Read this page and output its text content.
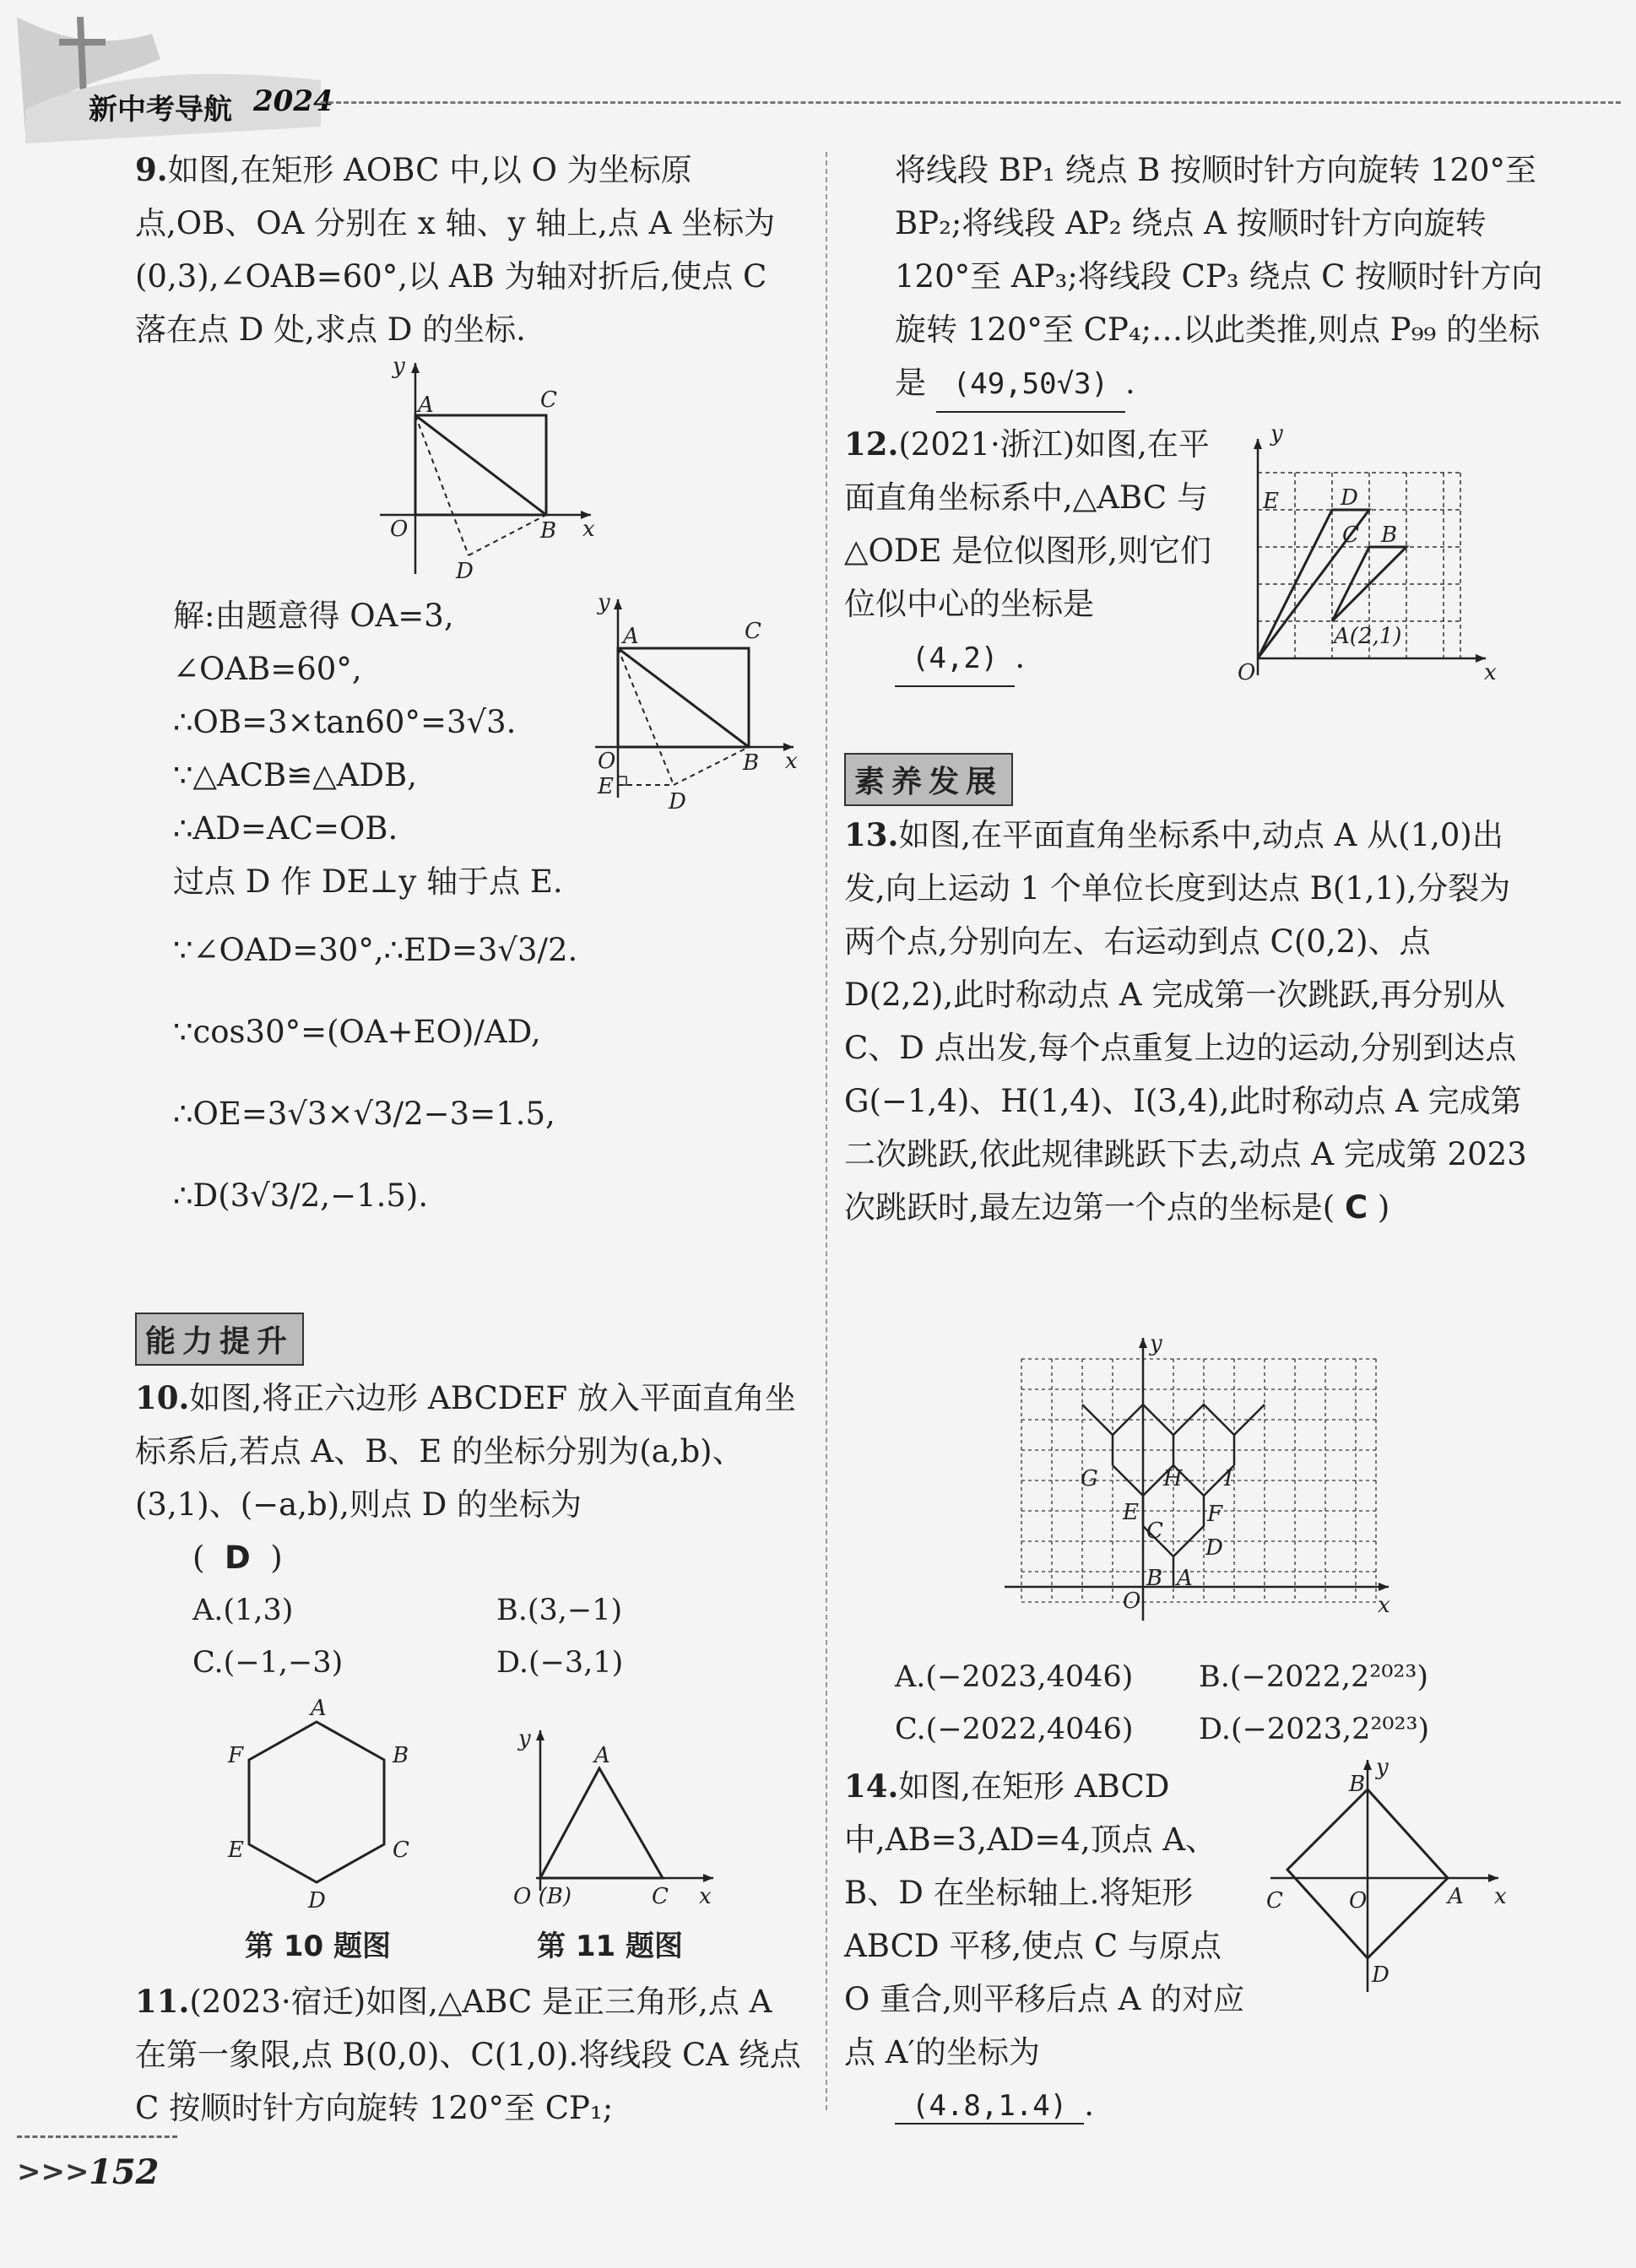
新中考导航 2024

9.如图,在矩形 AOBC 中,以 O 为坐标原点,OB、OA 分别在 x 轴、y 轴上,点 A 坐标为(0,3),∠OAB=60°,以 AB 为轴对折后,使点 C 落在点 D 处,求点 D 的坐标.

y
A	C
O	B x
D

解:由题意得 OA=3,

∠OAB=60°,

∴OB=3×tan60°=3√3.

∵△ACB≌△ADB,

∴AD=AC=OB.

过点 D 作 DE⊥y 轴于点 E.

∵∠OAD=30°,∴ED=3√3/2.

∵cos30°=(OA+EO)/AD,

∴OE=3√3×√3/2−3=1.5,

∴D(3√3/2,−1.5).

y
A	C
O	B x
E
D
能力提升

10.如图,将正六边形 ABCDEF 放入平面直角坐标系后,若点 A、B、E 的坐标分别为(a,b)、(3,1)、(−a,b),则点 D 的坐标为

(  D  )

A.(1,3)	B.(3,−1)
C.(−1,−3)	D.(−3,1)
A
B
C
D
E
F
第 10 题图
y
A
O (B)	C x
第 11 题图

11.(2023·宿迁)如图,△ABC 是正三角形,点 A 在第一象限,点 B(0,0)、C(1,0).将线段 CA 绕点 C 按顺时针方向旋转 120°至 CP₁;

将线段 BP₁ 绕点 B 按顺时针方向旋转 120°至 BP₂;将线段 AP₂ 绕点 A 按顺时针方向旋转 120°至 AP₃;将线段 CP₃ 绕点 C 按顺时针方向旋转 120°至 CP₄;…以此类推,则点 P₉₉ 的坐标是 (49,50√3) .

12.(2021·浙江)如图,在平面直角坐标系中,△ABC 与△ODE 是位似图形,则它们位似中心的坐标是

(4,2) .

y
E	D
C B
A(2,1)
O	x
素养发展

13.如图,在平面直角坐标系中,动点 A 从(1,0)出发,向上运动 1 个单位长度到达点 B(1,1),分裂为两个点,分别向左、右运动到点 C(0,2)、点 D(2,2),此时称动点 A 完成第一次跳跃,再分别从 C、D 点出发,每个点重复上边的运动,分别到达点 G(−1,4)、H(1,4)、I(3,4),此时称动点 A 完成第二次跳跃,依此规律跳跃下去,动点 A 完成第 2023 次跳跃时,最左边第一个点的坐标是( C )

y
G	H I
E	F
C
D
B A
O	x
A.(−2023,4046)	B.(−2022,2²⁰²³)
C.(−2022,4046)	D.(−2023,2²⁰²³)

14.如图,在矩形 ABCD 中,AB=3,AD=4,顶点 A、B、D 在坐标轴上.将矩形 ABCD 平移,使点 C 与原点 O 重合,则平移后点 A 的对应点 A′的坐标为

(4.8,1.4) .
y
B
O	A x
C
D
>>> 152
